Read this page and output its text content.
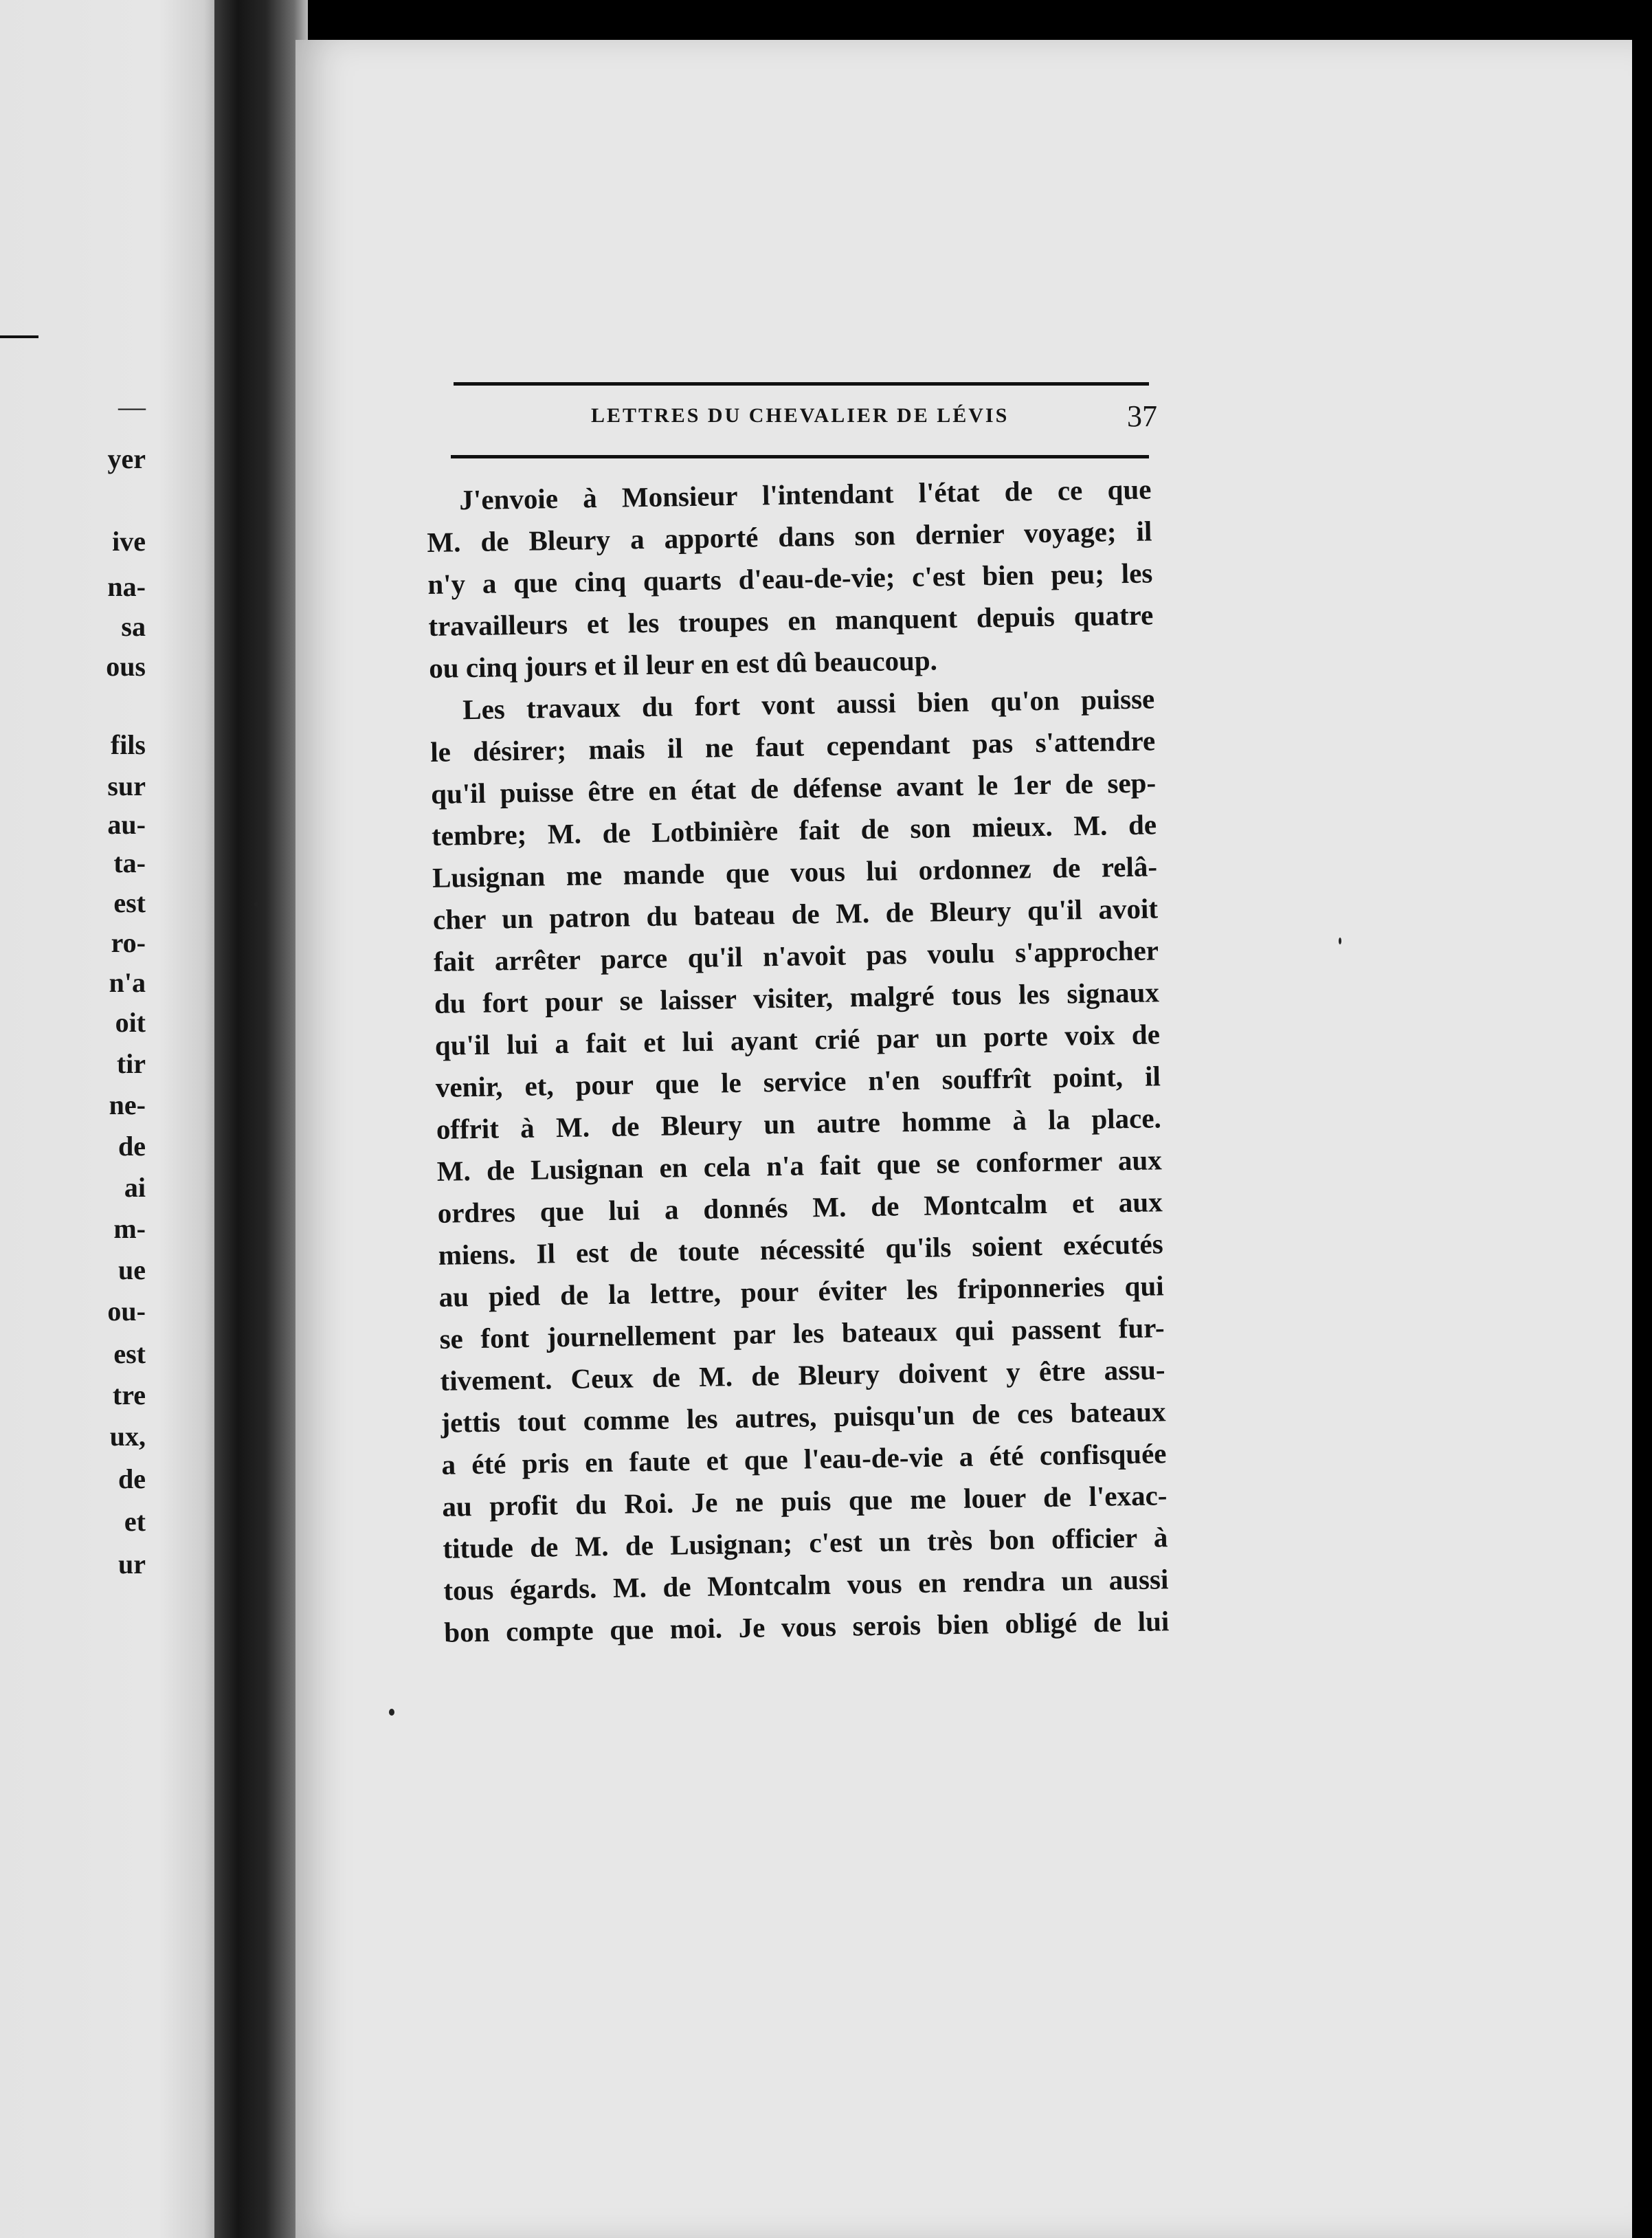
—
yer
ive
na-
sa
ous
fils
sur
au-
ta-
est
ro-
n'a
oit
tir
ne-
de
ai
m-
ue
ou-
est
tre
ux,
de
et
ur
LETTRES DU CHEVALIER DE LÉVIS	37
J'envoie à Monsieur l'intendant l'état de ce que
M. de Bleury a apporté dans son dernier voyage; il
n'y a que cinq quarts d'eau-de-vie; c'est bien peu; les
travailleurs et les troupes en manquent depuis quatre
ou cinq jours et il leur en est dû beaucoup.
Les travaux du fort vont aussi bien qu'on puisse
le désirer; mais il ne faut cependant pas s'attendre
qu'il puisse être en état de défense avant le 1er de sep-
tembre; M. de Lotbinière fait de son mieux. M. de
Lusignan me mande que vous lui ordonnez de relâ-
cher un patron du bateau de M. de Bleury qu'il avoit
fait arrêter parce qu'il n'avoit pas voulu s'approcher
du fort pour se laisser visiter, malgré tous les signaux
qu'il lui a fait et lui ayant crié par un porte voix de
venir, et, pour que le service n'en souffrît point, il
offrit à M. de Bleury un autre homme à la place.
M. de Lusignan en cela n'a fait que se conformer aux
ordres que lui a donnés M. de Montcalm et aux
miens. Il est de toute nécessité qu'ils soient exécutés
au pied de la lettre, pour éviter les friponneries qui
se font journellement par les bateaux qui passent fur-
tivement. Ceux de M. de Bleury doivent y être assu-
jettis tout comme les autres, puisqu'un de ces bateaux
a été pris en faute et que l'eau-de-vie a été confisquée
au profit du Roi. Je ne puis que me louer de l'exac-
titude de M. de Lusignan; c'est un très bon officier à
tous égards. M. de Montcalm vous en rendra un aussi
bon compte que moi. Je vous serois bien obligé de lui
